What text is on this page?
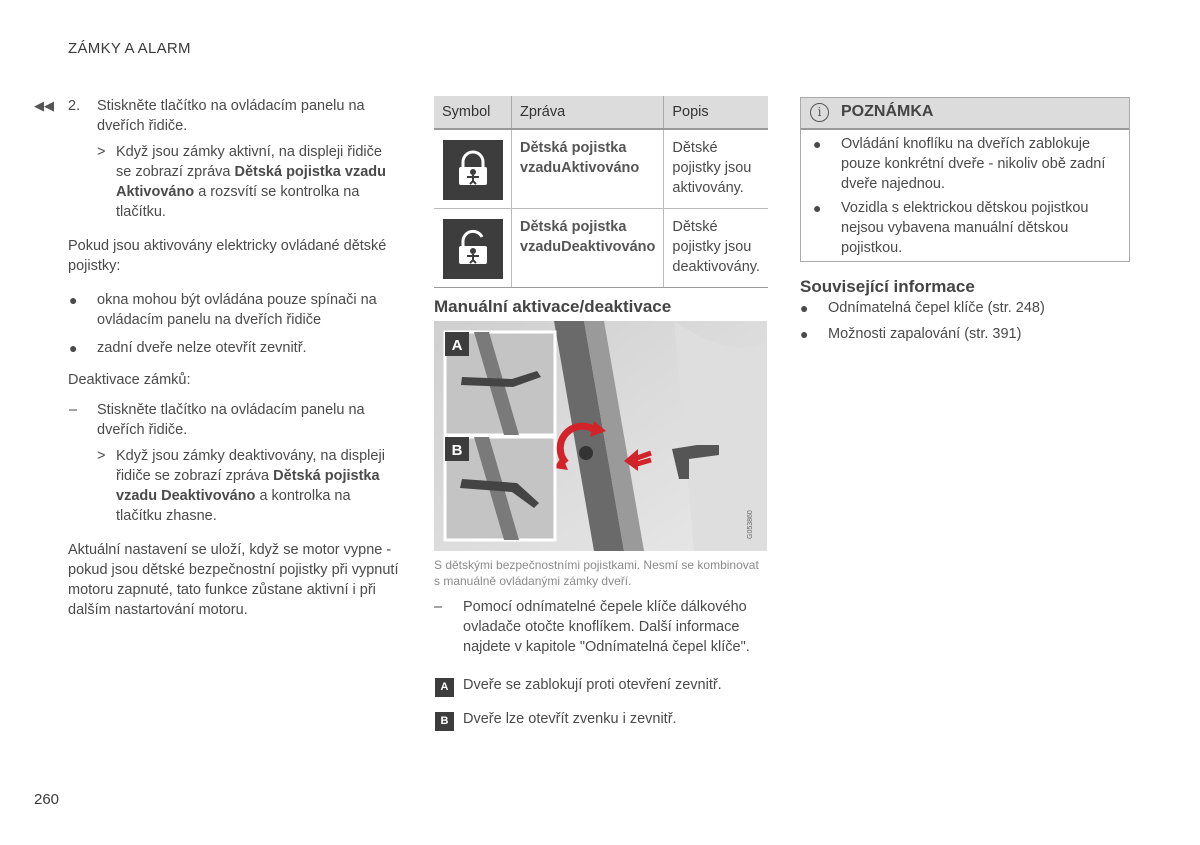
ZÁMKY A ALARM
◀◀ 2.	Stiskněte tlačítko na ovládacím panelu na dveřích řidiče.
> Když jsou zámky aktivní, na displeji řidiče se zobrazí zpráva Dětská pojistka vzadu Aktivováno a rozsvítí se kontrolka na tlačítku.

Pokud jsou aktivovány elektricky ovládané dětské pojistky:

● okna mohou být ovládána pouze spínači na ovládacím panelu na dveřích řidiče
● zadní dveře nelze otevřít zevnitř.

Deaktivace zámků:

–	Stiskněte tlačítko na ovládacím panelu na dveřích řidiče.
> Když jsou zámky deaktivovány, na displeji řidiče se zobrazí zpráva Dětská pojistka vzadu Deaktivováno a kontrolka na tlačítku zhasne.

Aktuální nastavení se uloží, když se motor vypne - pokud jsou dětské bezpečnostní pojistky při vypnutí motoru zapnuté, tato funkce zůstane aktivní i při dalším nastartování motoru.

Symbol	Zpráva	Popis

	Dětská pojistka vzaduAktivováno	Dětské pojistky jsou aktivovány.

	Dětská pojistka vzaduDeaktivováno	Dětské pojistky jsou deaktivovány.
Manuální aktivace/deaktivace
A
B
G053860
S dětskými bezpečnostními pojistkami. Nesmí se kombinovat s manuálně ovládanými zámky dveří.
– Pomocí odnímatelné čepele klíče dálkového ovladače otočte knoflíkem. Další informace najdete v kapitole "Odnímatelná čepel klíče".
A	Dveře se zablokují proti otevření zevnitř.
B	Dveře lze otevřít zvenku i zevnitř.
i	POZNÁMKA
● Ovládání knoflíku na dveřích zablokuje pouze konkrétní dveře - nikoliv obě zadní dveře najednou.
● Vozidla s elektrickou dětskou pojistkou nejsou vybavena manuální dětskou pojistkou.
Související informace
● Odnímatelná čepel klíče (str. 248)
● Možnosti zapalování (str. 391)
260
